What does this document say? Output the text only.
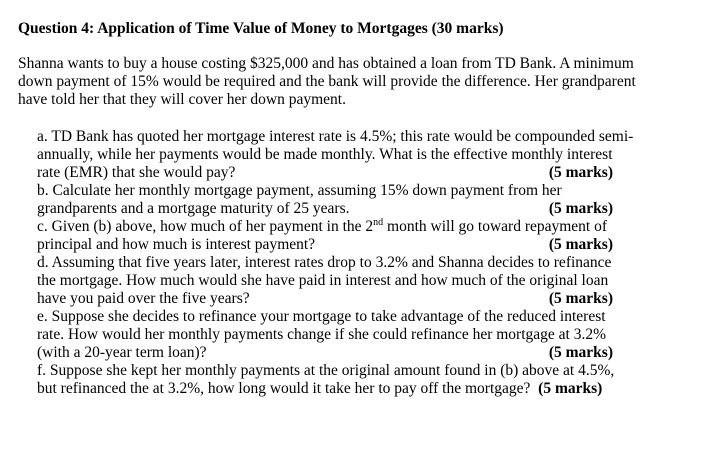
Question 4: Application of Time Value of Money to Mortgages (30 marks)
Shanna wants to buy a house costing $325,000 and has obtained a loan from TD Bank. A minimum
down payment of 15% would be required and the bank will provide the difference. Her grandparent
have told her that they will cover her down payment.
a. TD Bank has quoted her mortgage interest rate is 4.5%; this rate would be compounded semi-
annually, while her payments would be made monthly. What is the effective monthly interest
rate (EMR) that she would pay?	(5 marks)
b. Calculate her monthly mortgage payment, assuming 15% down payment from her
grandparents and a mortgage maturity of 25 years.	(5 marks)
c. Given (b) above, how much of her payment in the 2nd month will go toward repayment of
principal and how much is interest payment?	(5 marks)
d. Assuming that five years later, interest rates drop to 3.2% and Shanna decides to refinance
the mortgage. How much would she have paid in interest and how much of the original loan
have you paid over the five years?	(5 marks)
e. Suppose she decides to refinance your mortgage to take advantage of the reduced interest
rate. How would her monthly payments change if she could refinance her mortgage at 3.2%
(with a 20-year term loan)?	(5 marks)
f. Suppose she kept her monthly payments at the original amount found in (b) above at 4.5%,
but refinanced the at 3.2%, how long would it take her to pay off the mortgage? (5 marks)
